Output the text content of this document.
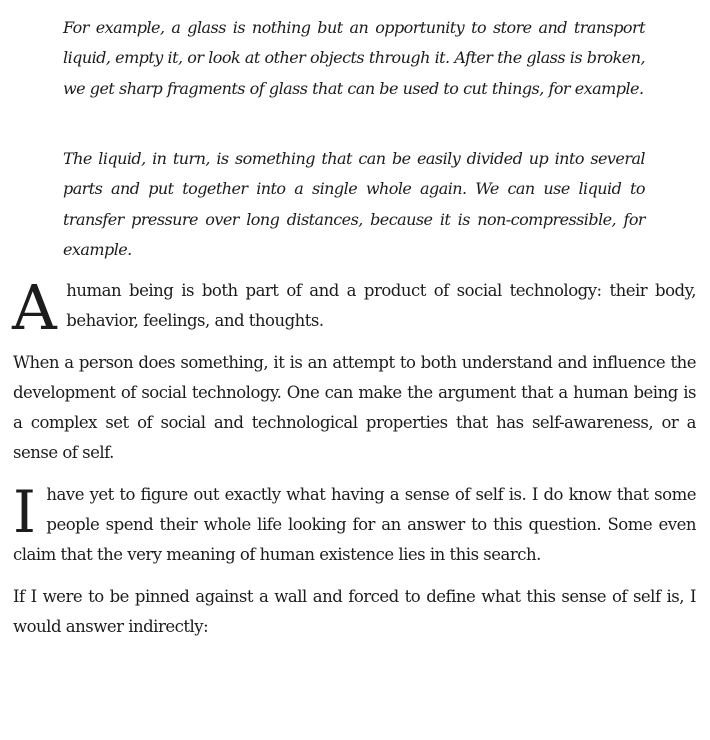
For example, a glass is nothing but an opportunity to store and transport liquid, empty it, or look at other objects through it. After the glass is broken, we get sharp fragments of glass that can be used to cut things, for example.

The liquid, in turn, is something that can be easily divided up into several parts and put together into a single whole again. We can use liquid to transfer pressure over long distances, because it is non-compressible, for example.

A human being is both part of and a product of social technology: their body, behavior, feelings, and thoughts.

When a person does something, it is an attempt to both understand and influence the development of social technology. One can make the argument that a human being is a complex set of social and technological properties that has self-awareness, or a sense of self.

I have yet to figure out exactly what having a sense of self is. I do know that some people spend their whole life looking for an answer to this question. Some even claim that the very meaning of human existence lies in this search.

If I were to be pinned against a wall and forced to define what this sense of self is, I would answer indirectly:
